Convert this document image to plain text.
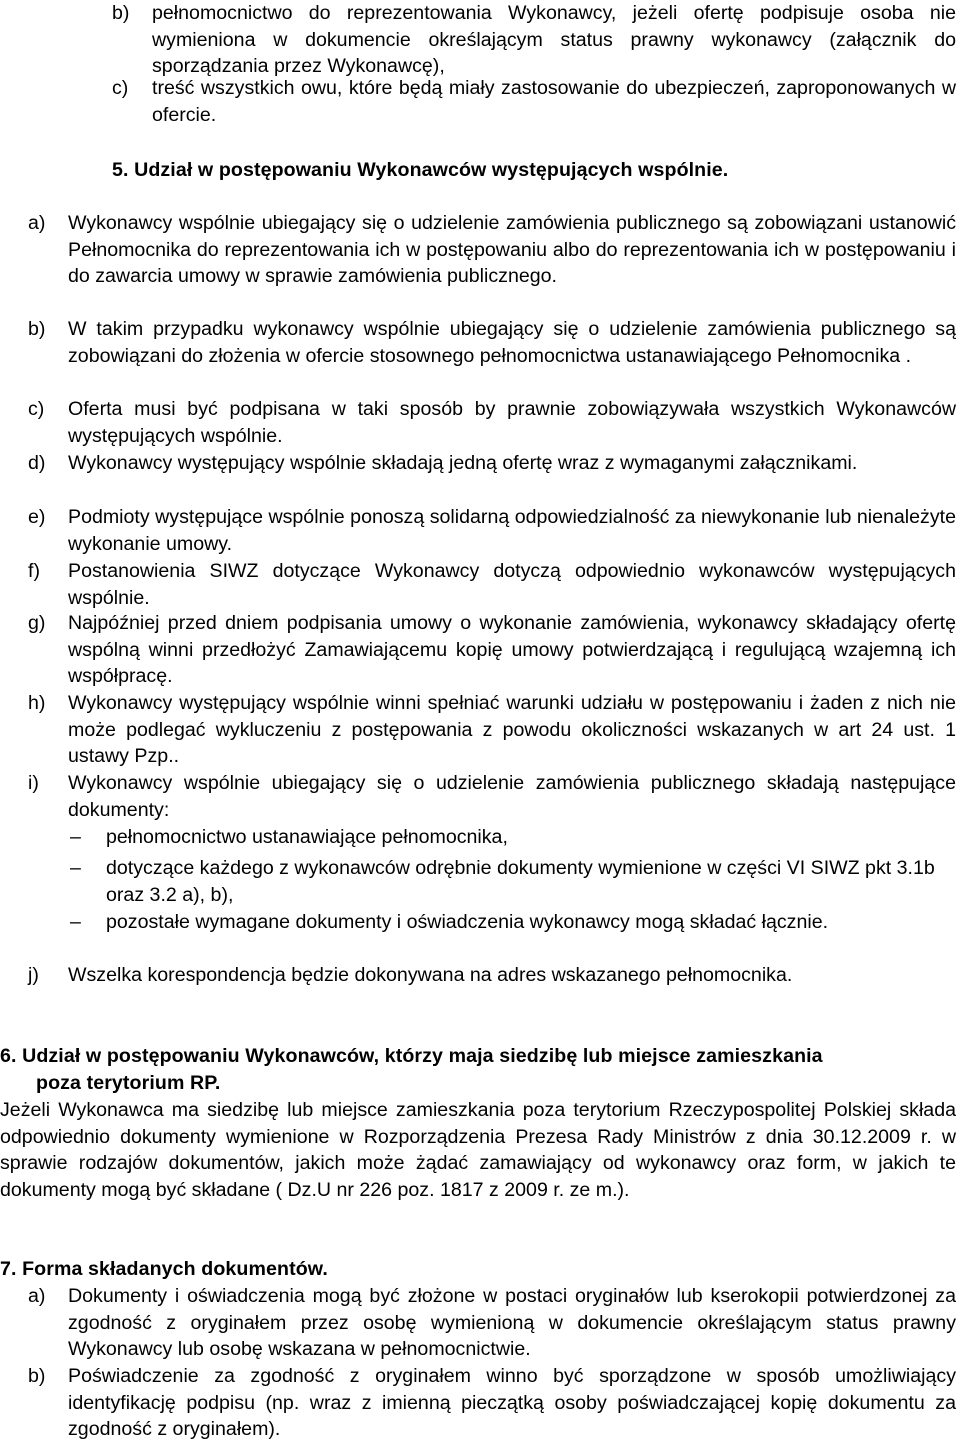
b) pełnomocnictwo do reprezentowania Wykonawcy, jeżeli ofertę podpisuje osoba nie wymieniona w dokumencie określającym status prawny wykonawcy (załącznik do sporządzania przez Wykonawcę),
c) treść wszystkich owu, które będą miały zastosowanie do ubezpieczeń, zaproponowanych w ofercie.
5. Udział w postępowaniu Wykonawców występujących wspólnie.
a) Wykonawcy wspólnie ubiegający się o udzielenie zamówienia publicznego są zobowiązani ustanowić Pełnomocnika do reprezentowania ich w postępowaniu albo do reprezentowania ich w postępowaniu i do zawarcia umowy w sprawie zamówienia publicznego.
b) W takim przypadku wykonawcy wspólnie ubiegający się o udzielenie zamówienia publicznego są zobowiązani do złożenia w ofercie stosownego pełnomocnictwa ustanawiającego Pełnomocnika .
c) Oferta musi być podpisana w taki sposób by prawnie zobowiązywała wszystkich Wykonawców występujących wspólnie.
d) Wykonawcy występujący wspólnie składają jedną ofertę wraz z wymaganymi załącznikami.
e) Podmioty występujące wspólnie ponoszą solidarną odpowiedzialność za niewykonanie lub nienależyte wykonanie umowy.
f) Postanowienia SIWZ dotyczące Wykonawcy dotyczą odpowiednio wykonawców występujących wspólnie.
g) Najpóźniej przed dniem podpisania umowy o wykonanie zamówienia, wykonawcy składający ofertę wspólną winni przedłożyć Zamawiającemu kopię umowy potwierdzającą i regulującą wzajemną ich współpracę.
h) Wykonawcy występujący wspólnie winni spełniać warunki udziału w postępowaniu i żaden z nich nie może podlegać wykluczeniu z postępowania z powodu okoliczności wskazanych w art 24 ust. 1 ustawy Pzp..
i) Wykonawcy wspólnie ubiegający się o udzielenie zamówienia publicznego składają następujące dokumenty:
– pełnomocnictwo ustanawiające pełnomocnika,
– dotyczące każdego z wykonawców odrębnie dokumenty wymienione w części VI SIWZ pkt 3.1b oraz 3.2 a), b),
– pozostałe wymagane dokumenty i oświadczenia wykonawcy mogą składać łącznie.
j) Wszelka korespondencja będzie dokonywana na adres wskazanego pełnomocnika.
6. Udział w postępowaniu Wykonawców, którzy maja siedzibę lub miejsce zamieszkania
poza terytorium RP.
Jeżeli Wykonawca ma siedzibę lub miejsce zamieszkania poza terytorium Rzeczypospolitej Polskiej składa odpowiednio dokumenty wymienione w Rozporządzenia Prezesa Rady Ministrów z dnia 30.12.2009 r. w sprawie rodzajów dokumentów, jakich może żądać zamawiający od wykonawcy oraz form, w jakich te dokumenty mogą być składane ( Dz.U nr 226 poz. 1817 z 2009 r. ze m.).
7. Forma składanych dokumentów.
a) Dokumenty i oświadczenia mogą być złożone w postaci oryginałów lub kserokopii potwierdzonej za zgodność z oryginałem przez osobę wymienioną w dokumencie określającym status prawny Wykonawcy lub osobę wskazana w pełnomocnictwie.
b) Poświadczenie za zgodność z oryginałem winno być sporządzone w sposób umożliwiający identyfikację podpisu (np. wraz z imienną pieczątką osoby poświadczającej kopię dokumentu za zgodność z oryginałem).
